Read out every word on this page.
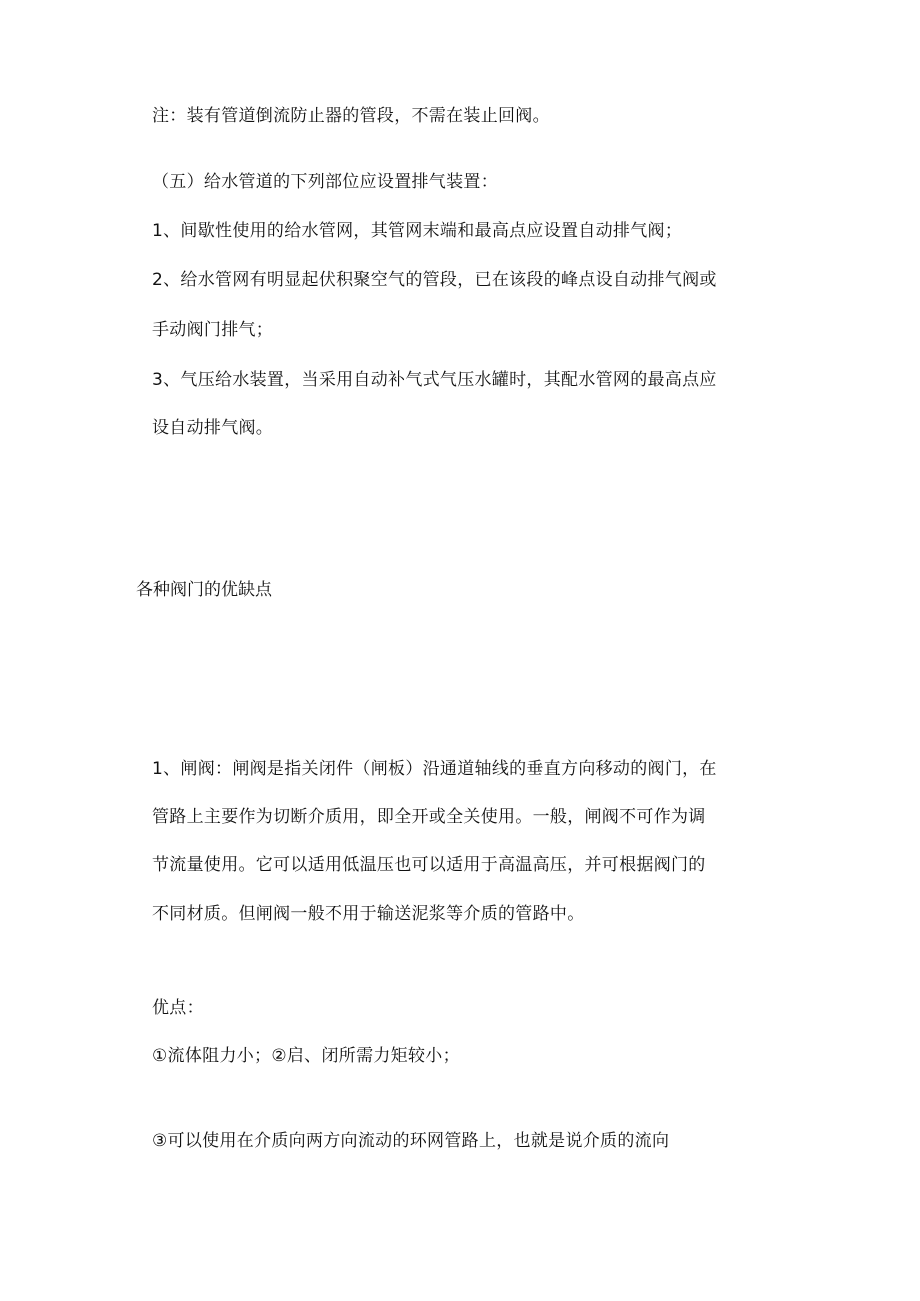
注：装有管道倒流防止器的管段，不需在装止回阀。
（五）给水管道的下列部位应设置排气装置：
1、间歇性使用的给水管网，其管网末端和最高点应设置自动排气阀；
2、给水管网有明显起伏积聚空气的管段，已在该段的峰点设自动排气阀或
手动阀门排气；
3、气压给水装置，当采用自动补气式气压水罐时，其配水管网的最高点应
设自动排气阀。
各种阀门的优缺点
1、闸阀：闸阀是指关闭件（闸板）沿通道轴线的垂直方向移动的阀门，在
管路上主要作为切断介质用，即全开或全关使用。一般，闸阀不可作为调
节流量使用。它可以适用低温压也可以适用于高温高压，并可根据阀门的
不同材质。但闸阀一般不用于输送泥浆等介质的管路中。
优点：
①流体阻力小；②启、闭所需力矩较小；
③可以使用在介质向两方向流动的环网管路上，也就是说介质的流向
